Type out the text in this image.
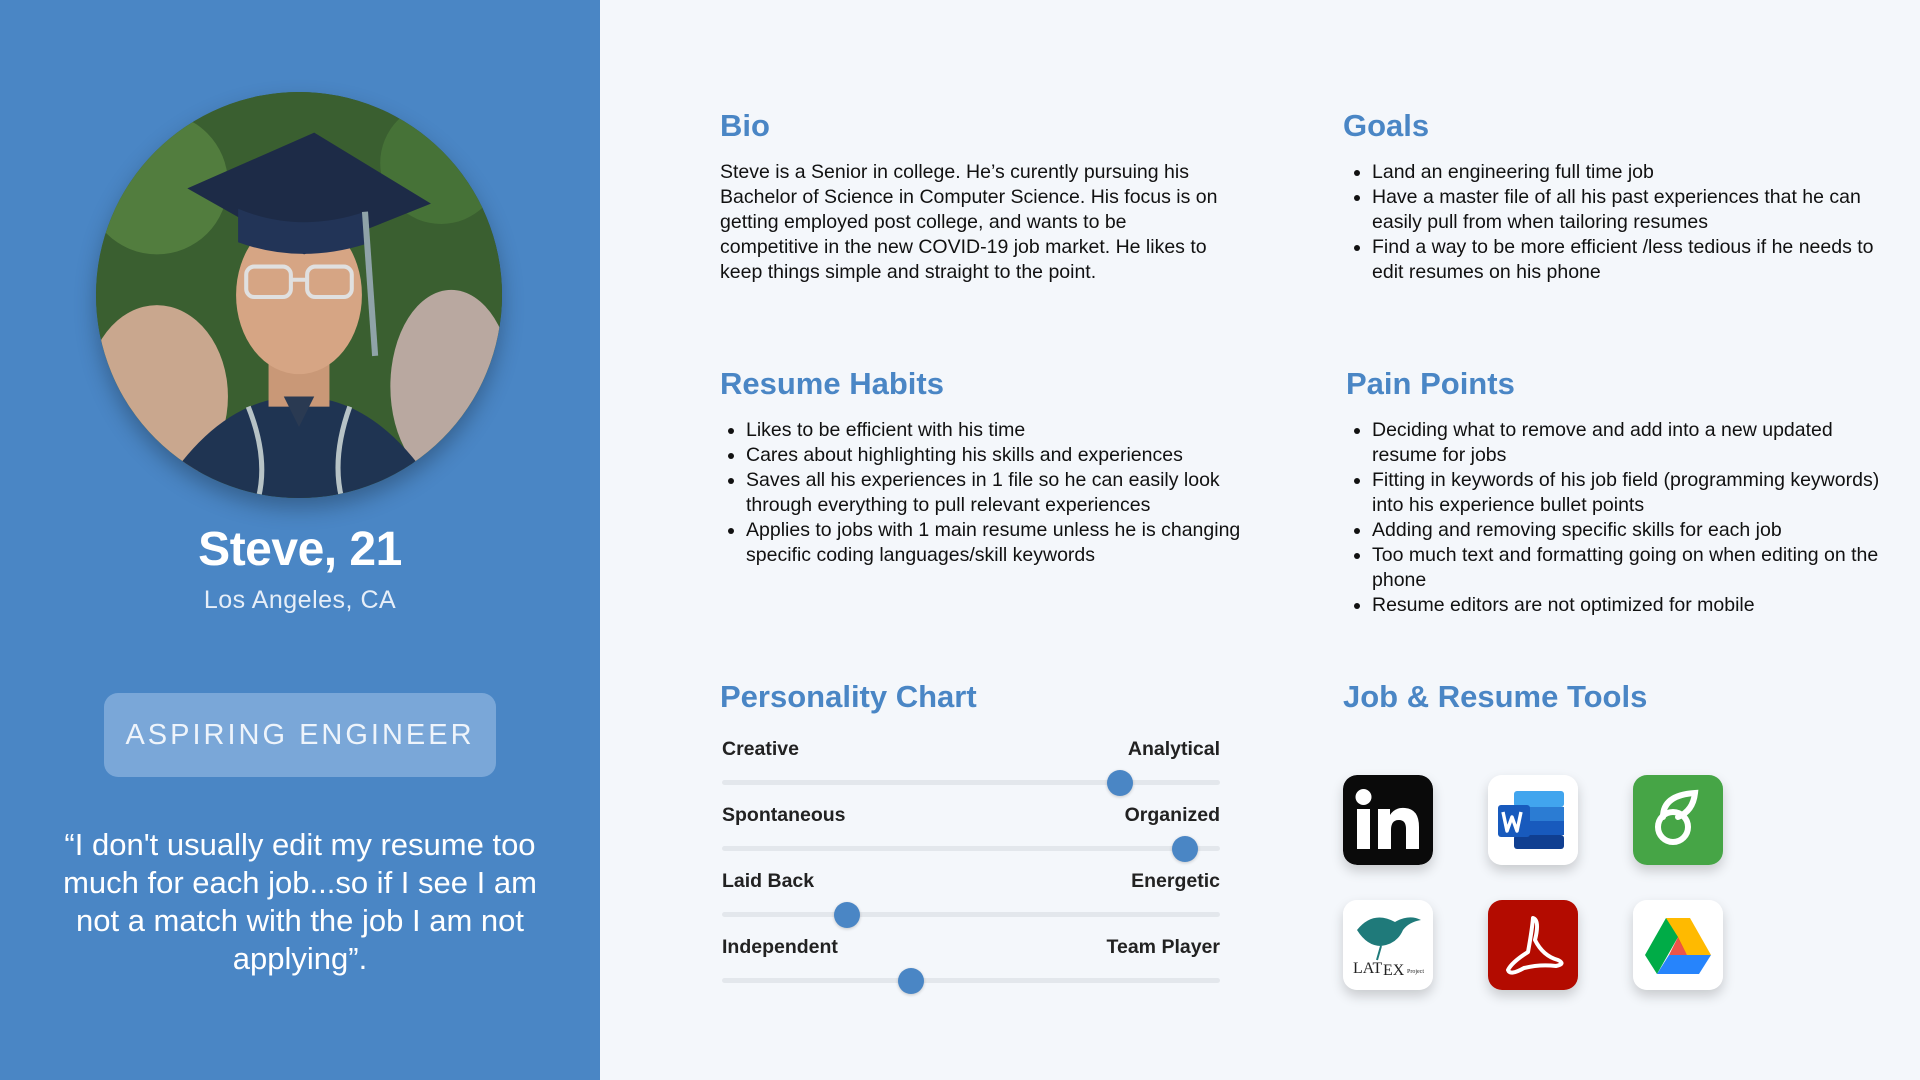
Steve, 21
Los Angeles, CA
ASPIRING ENGINEER
“I don't usually edit my resume too much for each job...so if I see I am not a match with the job I am not applying”.
Bio

Steve is a Senior in college. He’s curently pursuing his Bachelor of Science in Computer Science. His focus is on getting employed post college, and wants to be competitive in the new COVID-19 job market. He likes to keep things simple and straight to the point.

Goals
• Land an engineering full time job
• Have a master file of all his past experiences that he can easily pull from when tailoring resumes
• Find a way to be more efficient /less tedious if he needs to edit resumes on his phone
Resume Habits
• Likes to be efficient with his time
• Cares about highlighting his skills and experiences
• Saves all his experiences in 1 file so he can easily look through everything to pull relevant experiences
• Applies to jobs with 1 main resume unless he is changing specific coding languages/skill keywords
Pain Points
• Deciding what to remove and add into a new updated resume for jobs
• Fitting in keywords of his job field (programming keywords) into his experience bullet points
• Adding and removing specific skills for each job
• Too much text and formatting going on when editing on the phone
• Resume editors are not optimized for mobile
Personality Chart
Creative	Analytical
Spontaneous	Organized
Laid Back	Energetic
Independent	Team Player
Job & Resume Tools
LAT EX Project
